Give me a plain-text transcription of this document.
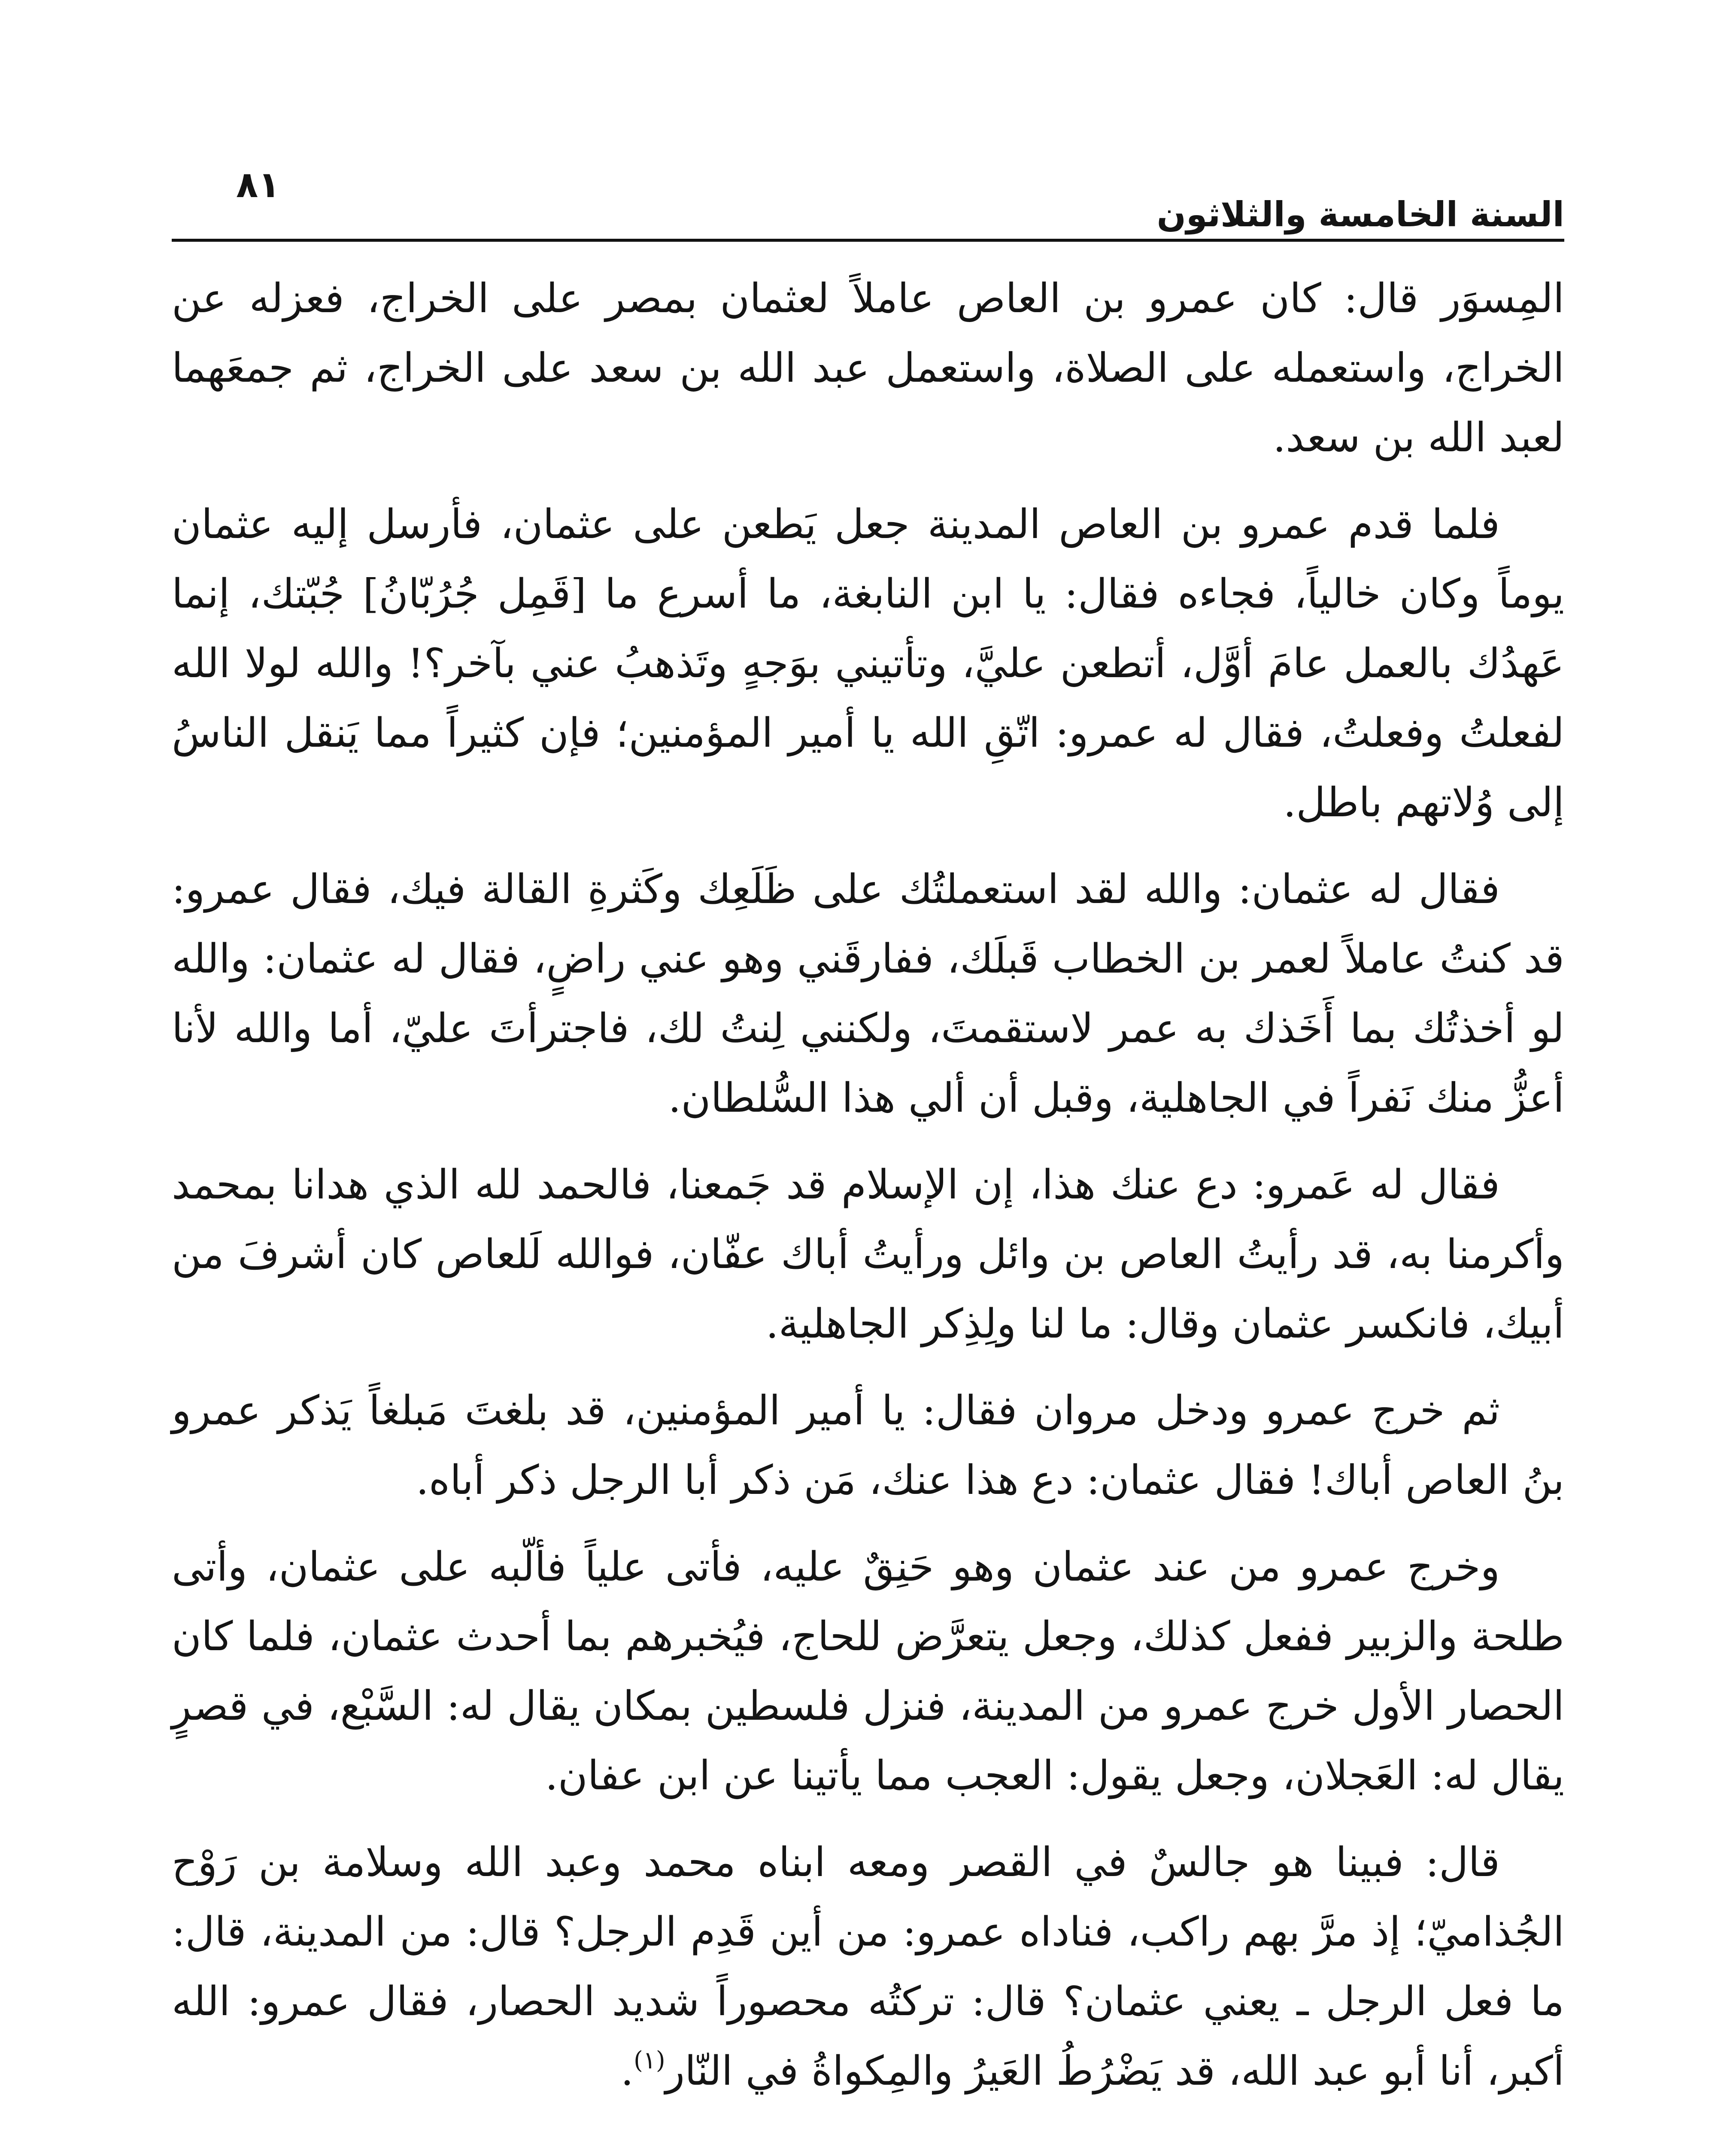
السنة الخامسة والثلاثون
٨١

المِسوَر قال: كان عمرو بن العاص عاملاً لعثمان بمصر على الخراج، فعزله عن الخراج، واستعمله على الصلاة، واستعمل عبد الله بن سعد على الخراج، ثم جمعَهما لعبد الله بن سعد.

فلما قدم عمرو بن العاص المدينة جعل يَطعن على عثمان، فأرسل إليه عثمان يوماً وكان خالياً، فجاءه فقال: يا ابن النابغة، ما أسرع ما [قَمِل جُرُبّانُ] جُبّتك، إنما عَهدُك بالعمل عامَ أوَّل، أتطعن عليَّ، وتأتيني بوَجهٍ وتَذهبُ عني بآخر؟! والله لولا الله لفعلتُ وفعلتُ، فقال له عمرو: اتّقِ الله يا أمير المؤمنين؛ فإن كثيراً مما يَنقل الناسُ إلى وُلاتهم باطل.

فقال له عثمان: والله لقد استعملتُك على ظَلَعِك وكَثرةِ القالة فيك، فقال عمرو: قد كنتُ عاملاً لعمر بن الخطاب قَبلَك، ففارقَني وهو عني راضٍ، فقال له عثمان: والله لو أخذتُك بما أَخَذك به عمر لاستقمتَ، ولكنني لِنتُ لك، فاجترأتَ عليّ، أما والله لأنا أعزُّ منك نَفراً في الجاهلية، وقبل أن ألي هذا السُّلطان.

فقال له عَمرو: دع عنك هذا، إن الإسلام قد جَمعنا، فالحمد لله الذي هدانا بمحمد وأكرمنا به، قد رأيتُ العاص بن وائل ورأيتُ أباك عفّان، فوالله لَلعاص كان أشرفَ من أبيك، فانكسر عثمان وقال: ما لنا ولِذِكر الجاهلية.

ثم خرج عمرو ودخل مروان فقال: يا أمير المؤمنين، قد بلغتَ مَبلغاً يَذكر عمرو بنُ العاص أباك! فقال عثمان: دع هذا عنك، مَن ذكر أبا الرجل ذكر أباه.

وخرج عمرو من عند عثمان وهو حَنِقٌ عليه، فأتى علياً فألّبه على عثمان، وأتى طلحة والزبير ففعل كذلك، وجعل يتعرَّض للحاج، فيُخبرهم بما أحدث عثمان، فلما كان الحصار الأول خرج عمرو من المدينة، فنزل فلسطين بمكان يقال له: السَّبْع، في قصرٍ يقال له: العَجلان، وجعل يقول: العجب مما يأتينا عن ابن عفان.

قال: فبينا هو جالسٌ في القصر ومعه ابناه محمد وعبد الله وسلامة بن رَوْح الجُذاميّ؛ إذ مرَّ بهم راكب، فناداه عمرو: من أين قَدِم الرجل؟ قال: من المدينة، قال: ما فعل الرجل ـ يعني عثمان؟ قال: تركتُه محصوراً شديد الحصار، فقال عمرو: الله أكبر، أنا أبو عبد الله، قد يَضْرُطُ العَيرُ والمِكواةُ في النّار$^{(١)}$.
